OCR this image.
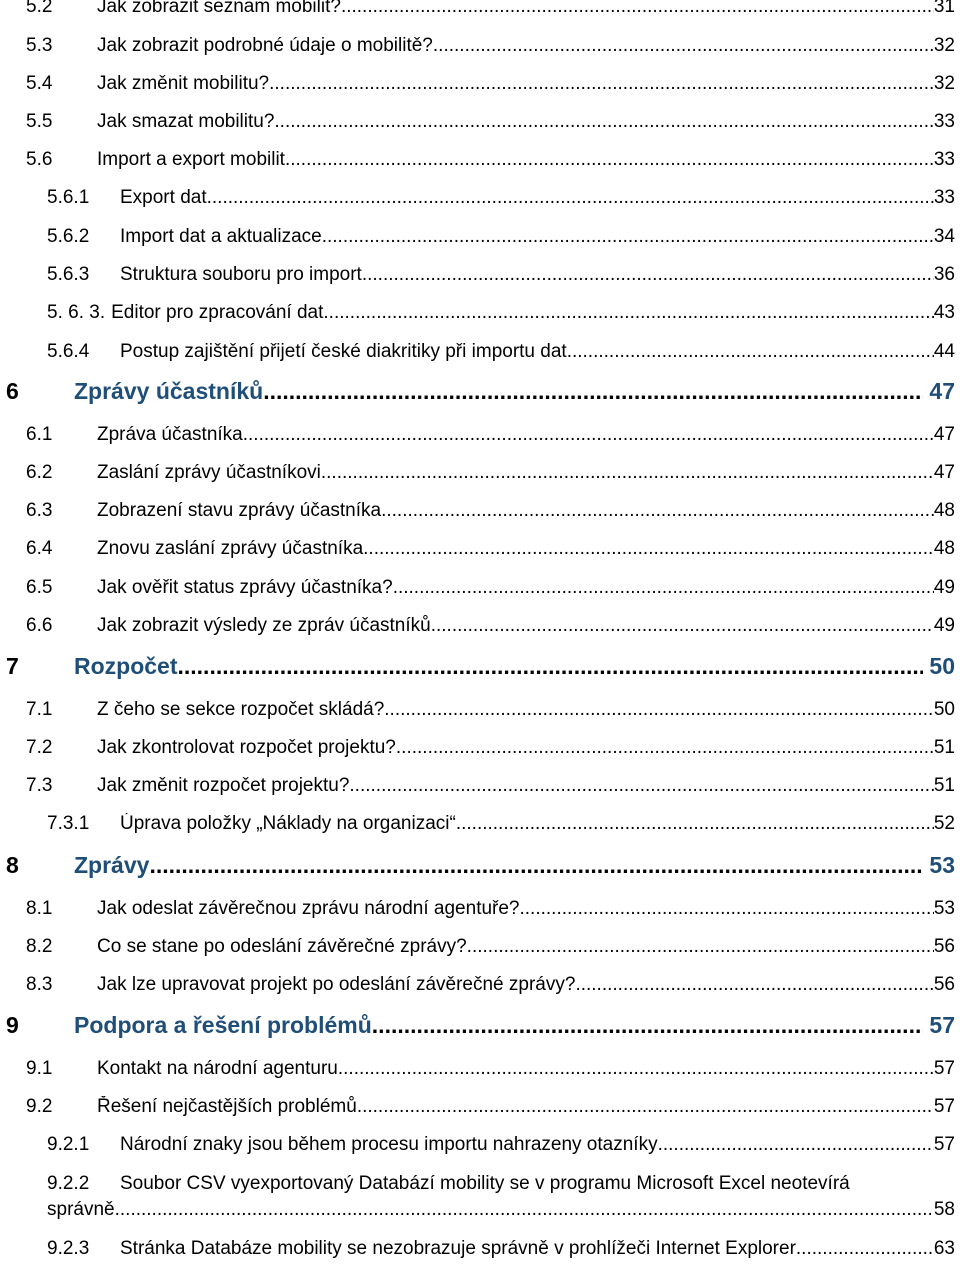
5.2	Jak zobrazit seznam mobilit? .....	31
5.3	Jak zobrazit podrobné údaje o mobilitě? .....	32
5.4	Jak změnit mobilitu? .....	32
5.5	Jak smazat mobilitu? .....	33
5.6	Import a export mobilit .....	33
5.6.1	Export dat .....	33
5.6.2	Import dat a aktualizace .....	34
5.6.3	Struktura souboru pro import .....	36
5. 6. 3. Editor pro zpracování dat .....	43
5.6.4	Postup zajištění přijetí české diakritiky při importu dat .....	44
6	Zprávy účastníků .....	47
6.1	Zpráva účastníka .....	47
6.2	Zaslání zprávy účastníkovi .....	47
6.3	Zobrazení stavu zprávy účastníka .....	48
6.4	Znovu zaslání zprávy účastníka .....	48
6.5	Jak ověřit status zprávy účastníka? .....	49
6.6	Jak zobrazit výsledy ze zpráv účastníků .....	49
7	Rozpočet .....	50
7.1	Z čeho se sekce rozpočet skládá? .....	50
7.2	Jak zkontrolovat rozpočet projektu? .....	51
7.3	Jak změnit rozpočet projektu? .....	51
7.3.1	Úprava položky „Náklady na organizaci“ .....	52
8	Zprávy .....	53
8.1	Jak odeslat závěrečnou zprávu národní agentuře? .....	53
8.2	Co se stane po odeslání závěrečné zprávy? .....	56
8.3	Jak lze upravovat projekt po odeslání závěrečné zprávy? .....	56
9	Podpora a řešení problémů .....	57
9.1	Kontakt na národní agenturu .....	57
9.2	Řešení nejčastějších problémů .....	57
9.2.1	Národní znaky jsou během procesu importu nahrazeny otazníky .....	57
9.2.2 Soubor CSV vyexportovaný Databází mobility se v programu Microsoft Excel neotevírá
správně .....	58
9.2.3	Stránka Databáze mobility se nezobrazuje správně v prohlížeči Internet Explorer .....	63
